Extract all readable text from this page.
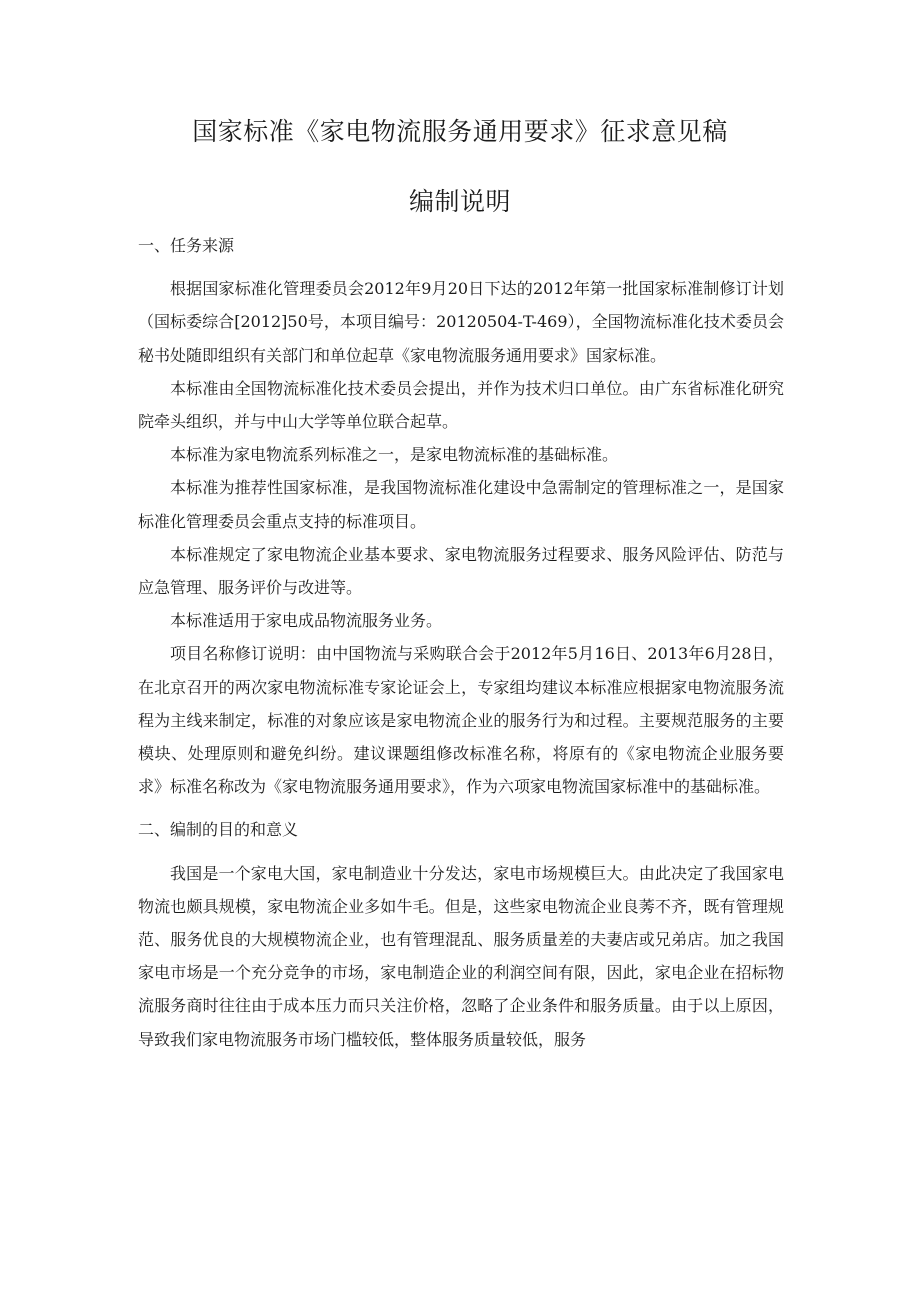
国家标准《家电物流服务通用要求》征求意见稿
编制说明

一、任务来源

根据国家标准化管理委员会2012年9月20日下达的2012年第一批国家标准制修订计划（国标委综合[2012]50号，本项目编号：20120504-T-469），全国物流标准化技术委员会秘书处随即组织有关部门和单位起草《家电物流服务通用要求》国家标准。

本标准由全国物流标准化技术委员会提出，并作为技术归口单位。由广东省标准化研究院牵头组织，并与中山大学等单位联合起草。

本标准为家电物流系列标准之一，是家电物流标准的基础标准。

本标准为推荐性国家标准，是我国物流标准化建设中急需制定的管理标准之一，是国家标准化管理委员会重点支持的标准项目。

本标准规定了家电物流企业基本要求、家电物流服务过程要求、服务风险评估、防范与应急管理、服务评价与改进等。

本标准适用于家电成品物流服务业务。

项目名称修订说明：由中国物流与采购联合会于2012年5月16日、2013年6月28日，在北京召开的两次家电物流标准专家论证会上，专家组均建议本标准应根据家电物流服务流程为主线来制定，标准的对象应该是家电物流企业的服务行为和过程。主要规范服务的主要模块、处理原则和避免纠纷。建议课题组修改标准名称，将原有的《家电物流企业服务要求》标准名称改为《家电物流服务通用要求》，作为六项家电物流国家标准中的基础标准。

二、编制的目的和意义

我国是一个家电大国，家电制造业十分发达，家电市场规模巨大。由此决定了我国家电物流也颇具规模，家电物流企业多如牛毛。但是，这些家电物流企业良莠不齐，既有管理规范、服务优良的大规模物流企业，也有管理混乱、服务质量差的夫妻店或兄弟店。加之我国家电市场是一个充分竞争的市场，家电制造企业的利润空间有限，因此，家电企业在招标物流服务商时往往由于成本压力而只关注价格，忽略了企业条件和服务质量。由于以上原因，导致我们家电物流服务市场门槛较低，整体服务质量较低，服务
